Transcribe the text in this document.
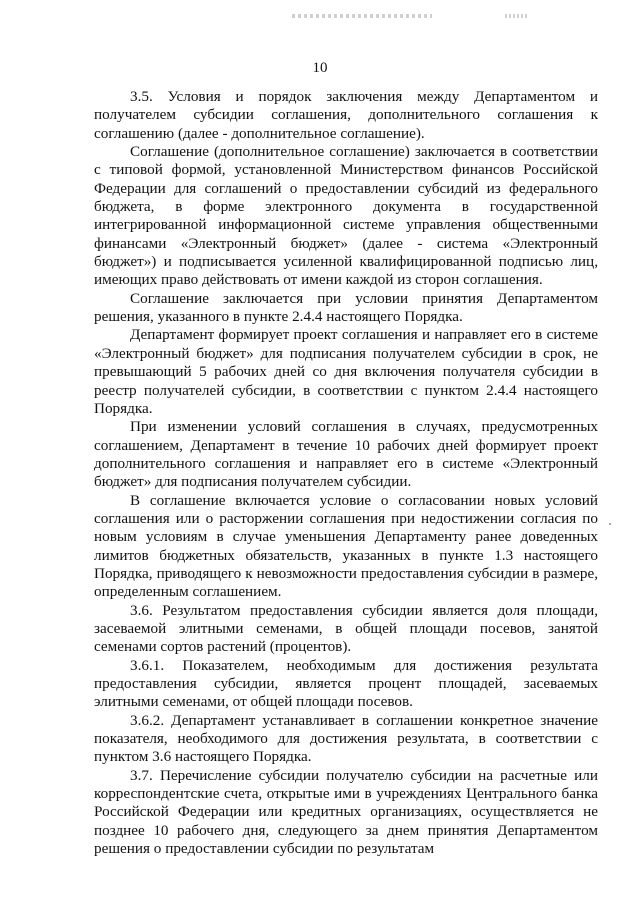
10

3.5. Условия и порядок заключения между Департаментом и получателем субсидии соглашения, дополнительного соглашения к соглашению (далее - дополнительное соглашение).

Соглашение (дополнительное соглашение) заключается в соответствии с типовой формой, установленной Министерством финансов Российской Федерации для соглашений о предоставлении субсидий из федерального бюджета, в форме электронного документа в государственной интегрированной информационной системе управления общественными финансами «Электронный бюджет» (далее - система «Электронный бюджет») и подписывается усиленной квалифицированной подписью лиц, имеющих право действовать от имени каждой из сторон соглашения.

Соглашение заключается при условии принятия Департаментом решения, указанного в пункте 2.4.4 настоящего Порядка.

Департамент формирует проект соглашения и направляет его в системе «Электронный бюджет» для подписания получателем субсидии в срок, не превышающий 5 рабочих дней со дня включения получателя субсидии в реестр получателей субсидии, в соответствии с пунктом 2.4.4 настоящего Порядка.

При изменении условий соглашения в случаях, предусмотренных соглашением, Департамент в течение 10 рабочих дней формирует проект дополнительного соглашения и направляет его в системе «Электронный бюджет» для подписания получателем субсидии.

В соглашение включается условие о согласовании новых условий соглашения или о расторжении соглашения при недостижении согласия по новым условиям в случае уменьшения Департаменту ранее доведенных лимитов бюджетных обязательств, указанных в пункте 1.3 настоящего Порядка, приводящего к невозможности предоставления субсидии в размере, определенным соглашением.

3.6. Результатом предоставления субсидии является доля площади, засеваемой элитными семенами, в общей площади посевов, занятой семенами сортов растений (процентов).

3.6.1. Показателем, необходимым для достижения результата предоставления субсидии, является процент площадей, засеваемых элитными семенами, от общей площади посевов.

3.6.2. Департамент устанавливает в соглашении конкретное значение показателя, необходимого для достижения результата, в соответствии с пунктом 3.6 настоящего Порядка.

3.7. Перечисление субсидии получателю субсидии на расчетные или корреспондентские счета, открытые ими в учреждениях Центрального банка Российской Федерации или кредитных организациях, осуществляется не позднее 10 рабочего дня, следующего за днем принятия Департаментом решения о предоставлении субсидии по результатам
